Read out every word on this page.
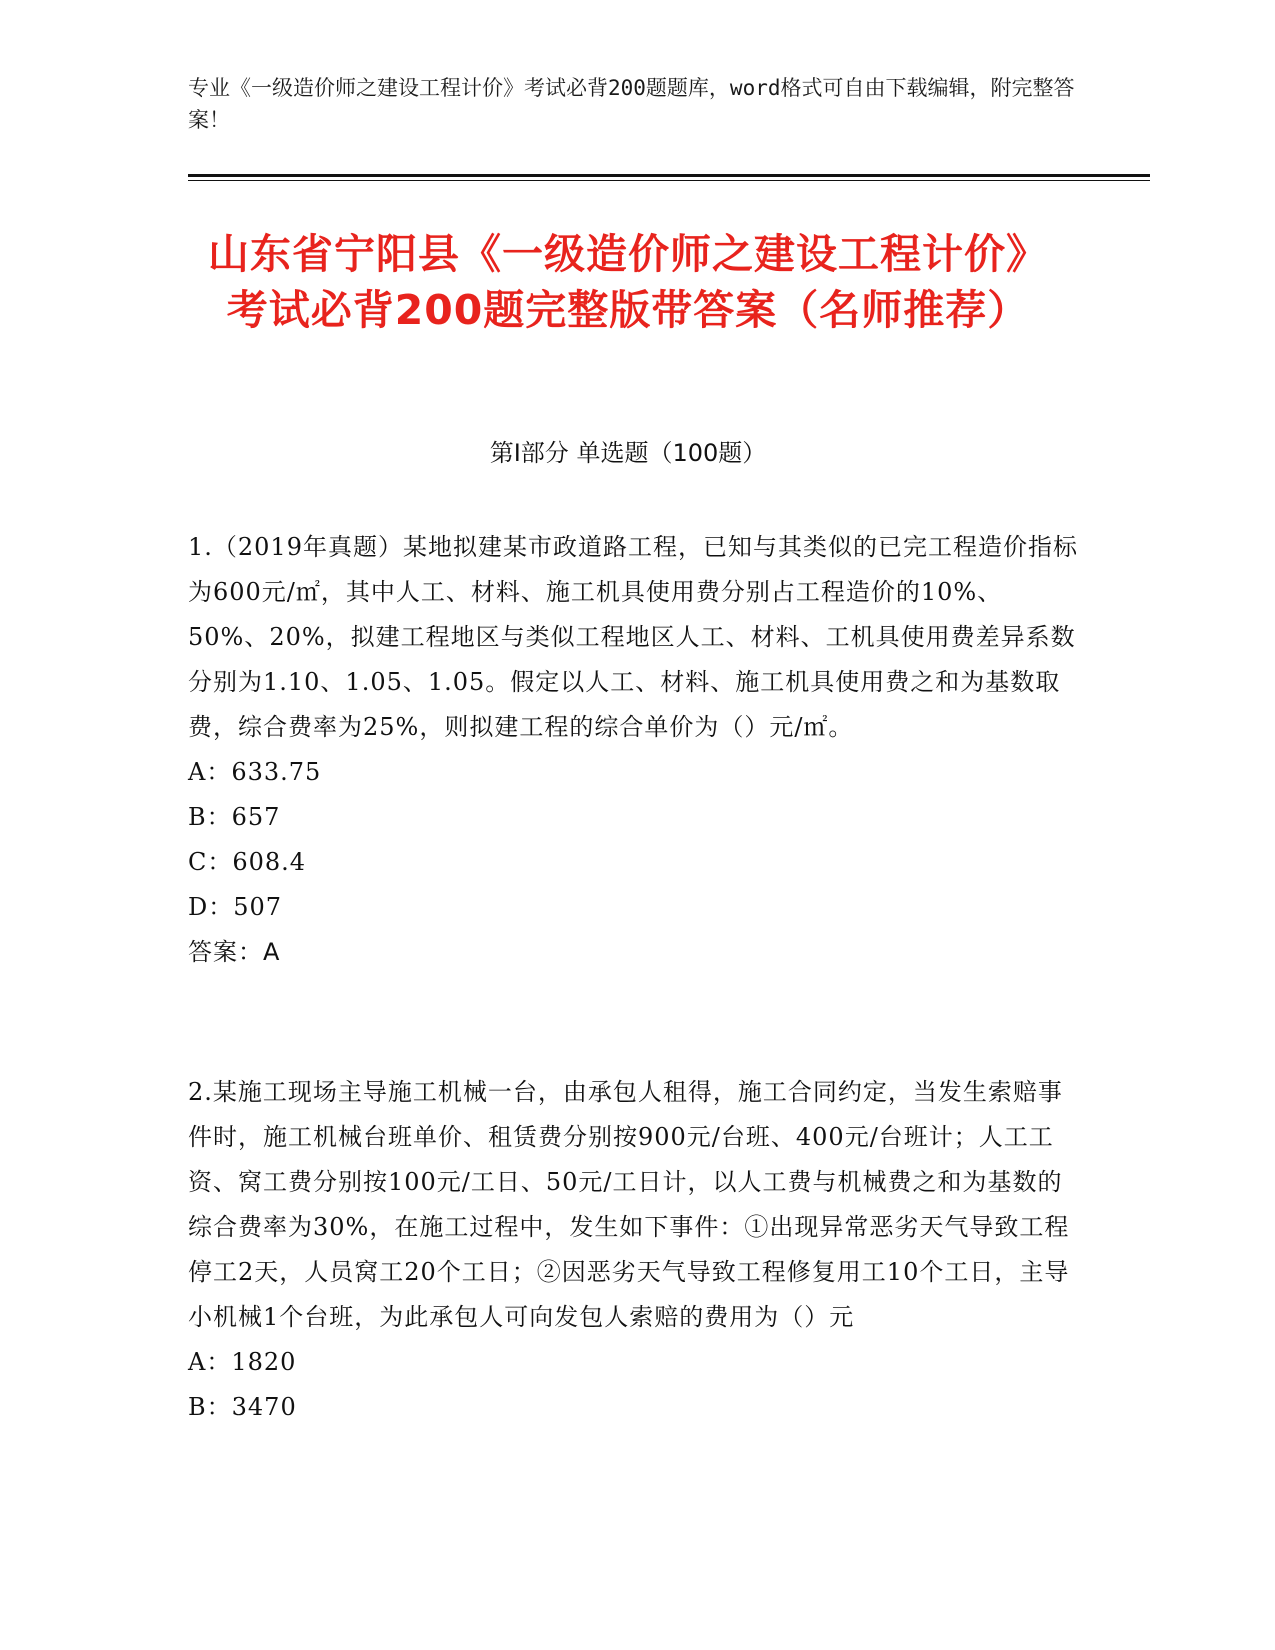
专业《一级造价师之建设工程计价》考试必背200题题库，word格式可自由下载编辑，附完整答案！
山东省宁阳县《一级造价师之建设工程计价》考试必背200题完整版带答案（名师推荐）
第I部分 单选题（100题）

1.（2019年真题）某地拟建某市政道路工程，已知与其类似的已完工程造价指标为600元/㎡，其中人工、材料、施工机具使用费分别占工程造价的10%、50%、20%，拟建工程地区与类似工程地区人工、材料、工机具使用费差异系数分别为1.10、1.05、1.05。假定以人工、材料、施工机具使用费之和为基数取费，综合费率为25%，则拟建工程的综合单价为（）元/㎡。

A：633.75

B：657

C：608.4

D：507

答案：A

2.某施工现场主导施工机械一台，由承包人租得，施工合同约定，当发生索赔事件时，施工机械台班单价、租赁费分别按900元/台班、400元/台班计；人工工资、窝工费分别按100元/工日、50元/工日计，以人工费与机械费之和为基数的综合费率为30%，在施工过程中，发生如下事件：①出现异常恶劣天气导致工程停工2天，人员窝工20个工日；②因恶劣天气导致工程修复用工10个工日，主导小机械1个台班，为此承包人可向发包人索赔的费用为（）元

A：1820

B：3470
